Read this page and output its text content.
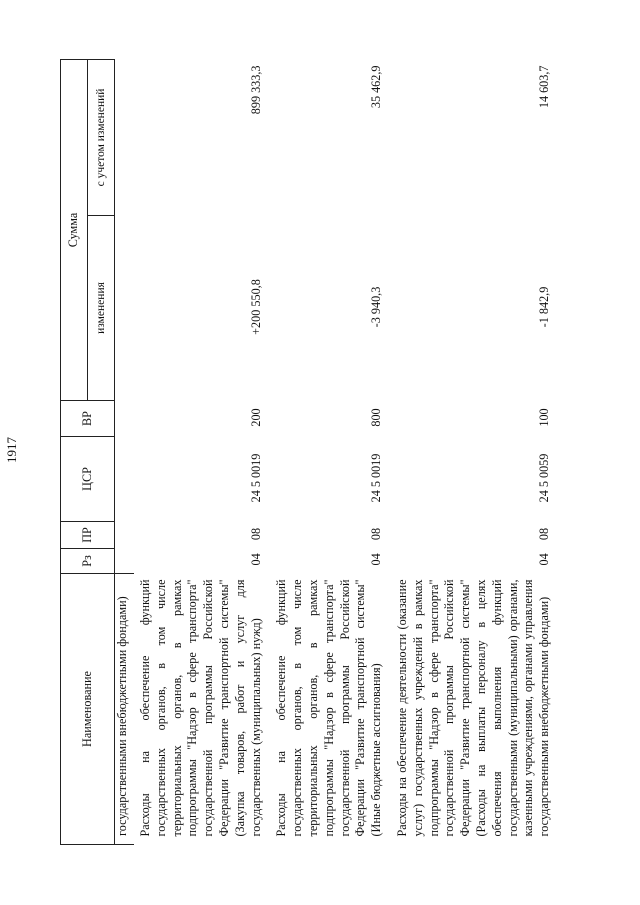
1917
Наименование	Рз	ПР	ЦСР	ВР	Сумма	
					изменения	с учетом изменений
государственными внебюджетными фондами)						
Расходы на обеспечение функций государственных органов, в том числе территориальных органов, в рамках подпрограммы "Надзор в сфере транспорта" государственной программы Российской Федерации "Развитие транспортной системы" (Закупка товаров, работ и услуг для государственных (муниципальных) нужд)	04	08	24 5 0019	200	+200 550,8	899 333,3
Расходы на обеспечение функций государственных органов, в том числе территориальных органов, в рамках подпрограммы "Надзор в сфере транспорта" государственной программы Российской Федерации "Развитие транспортной системы" (Иные бюджетные ассигнования)	04	08	24 5 0019	800	-3 940,3	35 462,9
Расходы на обеспечение деятельности (оказание услуг) государственных учреждений в рамках подпрограммы "Надзор в сфере транспорта" государственной программы Российской Федерации "Развитие транспортной системы" (Расходы на выплаты персоналу в целях обеспечения выполнения функций государственными (муниципальными) органами, казенными учреждениями, органами управления государственными внебюджетными фондами)	04	08	24 5 0059	100	-1 842,9	14 603,7
